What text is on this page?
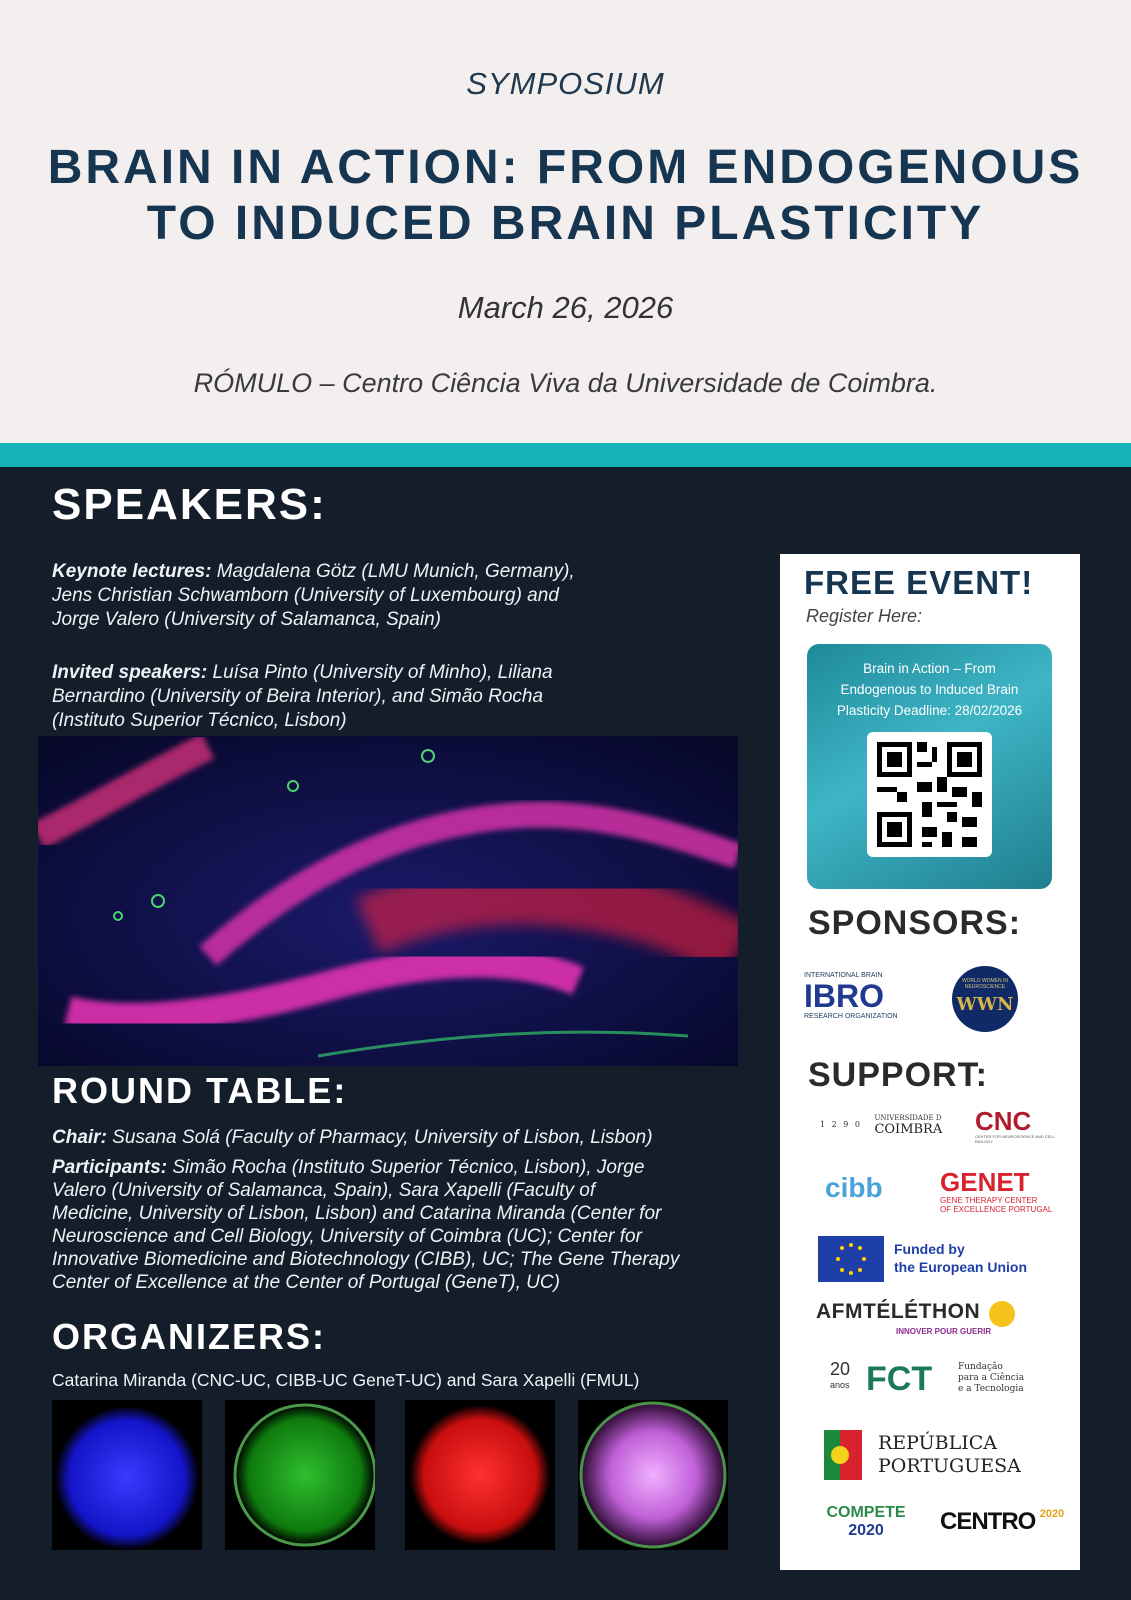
SYMPOSIUM
BRAIN IN ACTION: FROM ENDOGENOUS
TO INDUCED BRAIN PLASTICITY
March 26, 2026
RÓMULO – Centro Ciência Viva da Universidade de Coimbra.
SPEAKERS:
Keynote lectures: Magdalena Götz (LMU Munich, Germany),
Jens Christian Schwamborn (University of Luxembourg) and
Jorge Valero (University of Salamanca, Spain)
Invited speakers: Luísa Pinto (University of Minho), Liliana
Bernardino (University of Beira Interior), and Simão Rocha
(Instituto Superior Técnico, Lisbon)
ROUND TABLE:
Chair: Susana Solá (Faculty of Pharmacy, University of Lisbon, Lisbon)
Participants: Simão Rocha (Instituto Superior Técnico, Lisbon), Jorge
Valero (University of Salamanca, Spain), Sara Xapelli (Faculty of
Medicine, University of Lisbon, Lisbon) and Catarina Miranda (Center for
Neuroscience and Cell Biology, University of Coimbra (UC); Center for
Innovative Biomedicine and Biotechnology (CIBB), UC; The Gene Therapy
Center of Excellence at the Center of Portugal (GeneT), UC)
ORGANIZERS:
Catarina Miranda (CNC-UC, CIBB-UC GeneT-UC) and Sara Xapelli (FMUL)
FREE EVENT!
Register Here:
Brain in Action – From
Endogenous to Induced Brain
Plasticity Deadline: 28/02/2026
SPONSORS:
INTERNATIONAL BRAIN
IBRO
RESEARCH ORGANIZATION
WORLD WOMEN IN NEUROSCIENCE
WWN
SUPPORT:
1 2 9 0
UNIVERSIDADE D
COIMBRA CNC
CENTER FOR NEUROSCIENCE AND CELL BIOLOGY
cibb GENET
GENE THERAPY CENTER
OF EXCELLENCE PORTUGAL
Funded by
the European Union
AFMTÉLÉTHON
INNOVER POUR GUERIR
20
anos FCT	Fundação
para a Ciência
e a Tecnologia
REPÚBLICA
PORTUGUESA
COMPETE
2020	CENTRO $^{2020}$
